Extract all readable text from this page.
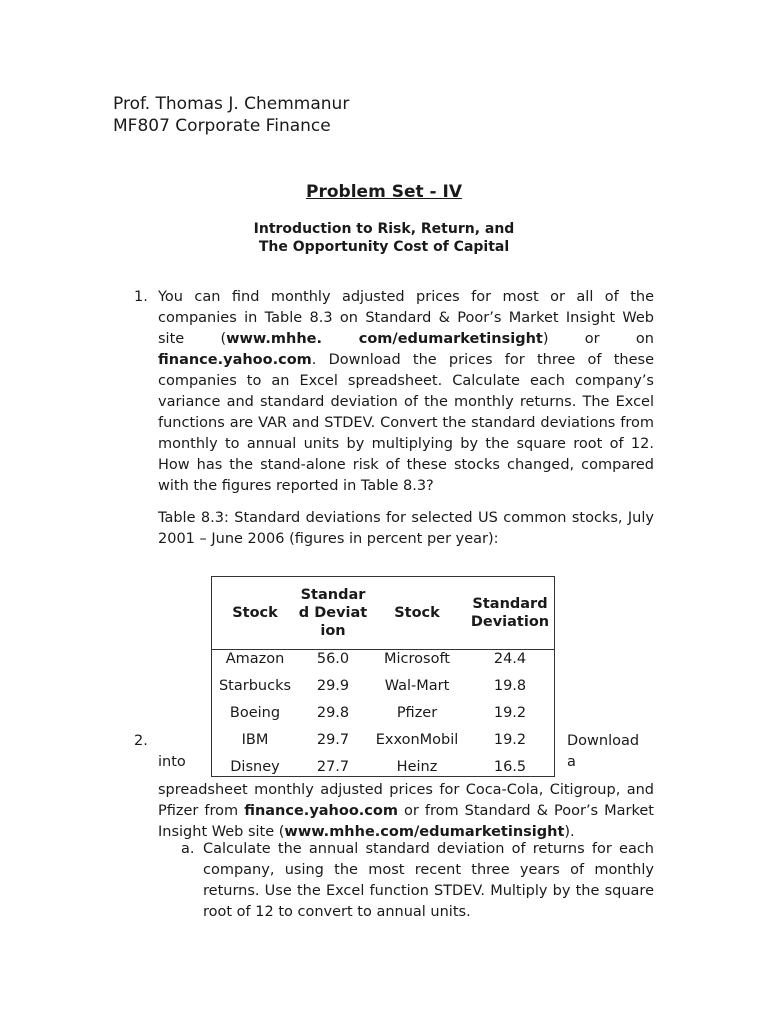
Prof. Thomas J. Chemmanur
MF807 Corporate Finance
Problem Set - IV
Introduction to Risk, Return, and
The Opportunity Cost of Capital
1. You can find monthly adjusted prices for most or all of the companies in Table 8.3 on Standard & Poor’s Market Insight Web site (www.mhhe. com/edumarketinsight) or on finance.yahoo.com. Download the prices for three of these companies to an Excel spreadsheet. Calculate each company’s variance and standard deviation of the monthly returns. The Excel functions are VAR and STDEV. Convert the standard deviations from monthly to annual units by multiplying by the square root of 12. How has the stand-alone risk of these stocks changed, compared with the figures reported in Table 8.3?
Table 8.3: Standard deviations for selected US common stocks, July 2001 – June 2006 (figures in percent per year):
Stock	Standard Deviation	Stock	Standard Deviation
Amazon	56.0	Microsoft	24.4
Starbucks	29.9	Wal-Mart	19.8
Boeing	29.8	Pfizer	19.2
IBM	29.7	ExxonMobil	19.2
Disney	27.7	Heinz	16.5
2.	Download
a
into
spreadsheet monthly adjusted prices for Coca-Cola, Citigroup, and Pfizer from finance.yahoo.com or from Standard & Poor’s Market Insight Web site (www.mhhe.com/edumarketinsight).
a. Calculate the annual standard deviation of returns for each company, using the most recent three years of monthly returns. Use the Excel function STDEV. Multiply by the square root of 12 to convert to annual units.
